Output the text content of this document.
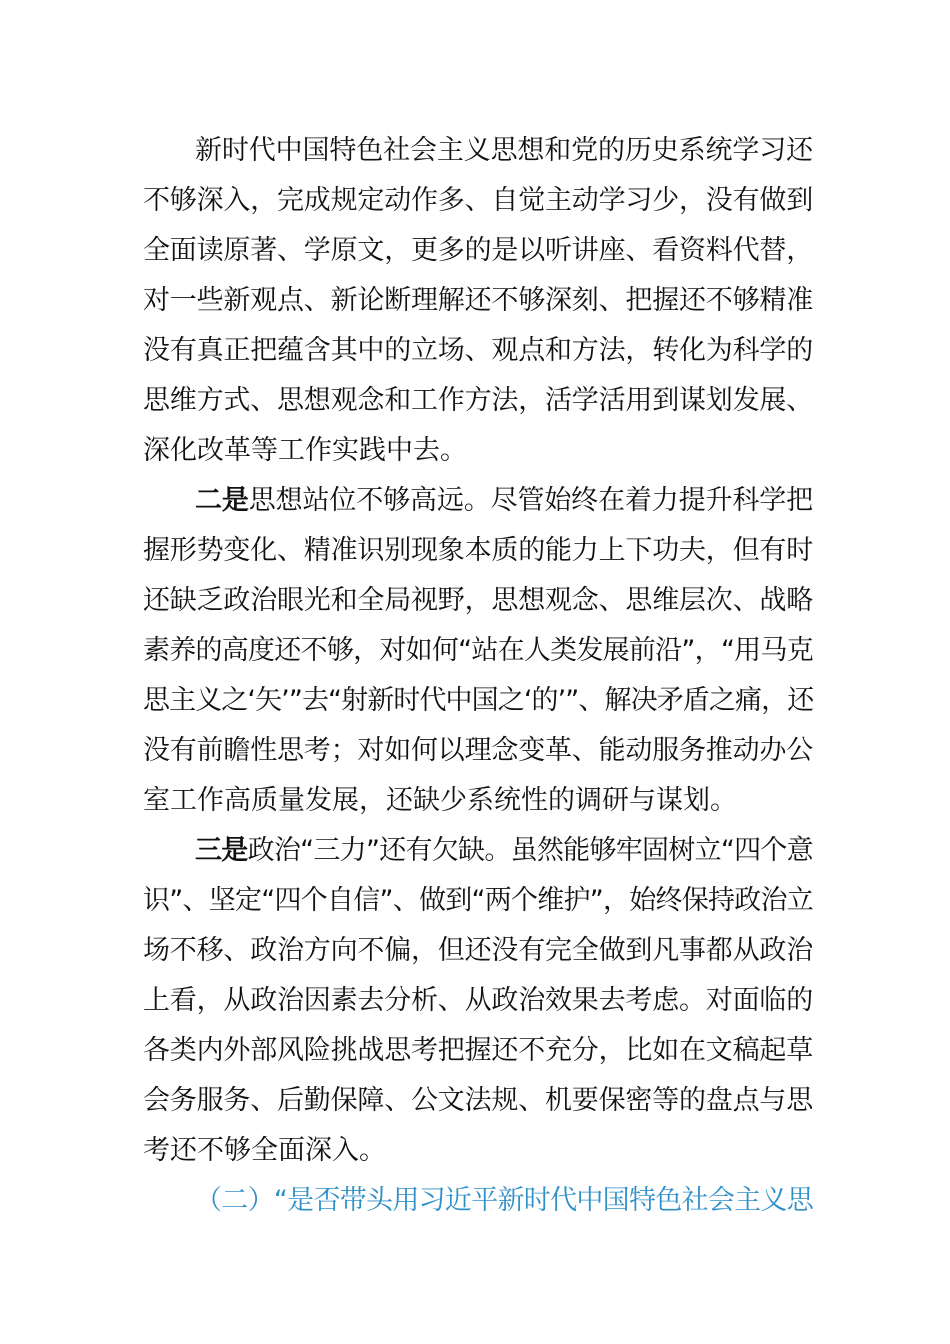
新时代中国特色社会主义思想和党的历史系统学习还
不够深入，完成规定动作多、自觉主动学习少，没有做到
全面读原著、学原文，更多的是以听讲座、看资料代替，
对一些新观点、新论断理解还不够深刻、把握还不够精准
没有真正把蕴含其中的立场、观点和方法，转化为科学的
思维方式、思想观念和工作方法，活学活用到谋划发展、
深化改革等工作实践中去。
二是思想站位不够高远。尽管始终在着力提升科学把
握形势变化、精准识别现象本质的能力上下功夫，但有时
还缺乏政治眼光和全局视野，思想观念、思维层次、战略
素养的高度还不够，对如何“站在人类发展前沿”，“用马克
思主义之‘矢’”去“射新时代中国之‘的’”、解决矛盾之痛，还
没有前瞻性思考；对如何以理念变革、能动服务推动办公
室工作高质量发展，还缺少系统性的调研与谋划。
三是政治“三力”还有欠缺。虽然能够牢固树立“四个意
识”、坚定“四个自信”、做到“两个维护”，始终保持政治立
场不移、政治方向不偏，但还没有完全做到凡事都从政治
上看，从政治因素去分析、从政治效果去考虑。对面临的
各类内外部风险挑战思考把握还不充分，比如在文稿起草
会务服务、后勤保障、公文法规、机要保密等的盘点与思
考还不够全面深入。
（二）“是否带头用习近平新时代中国特色社会主义思
